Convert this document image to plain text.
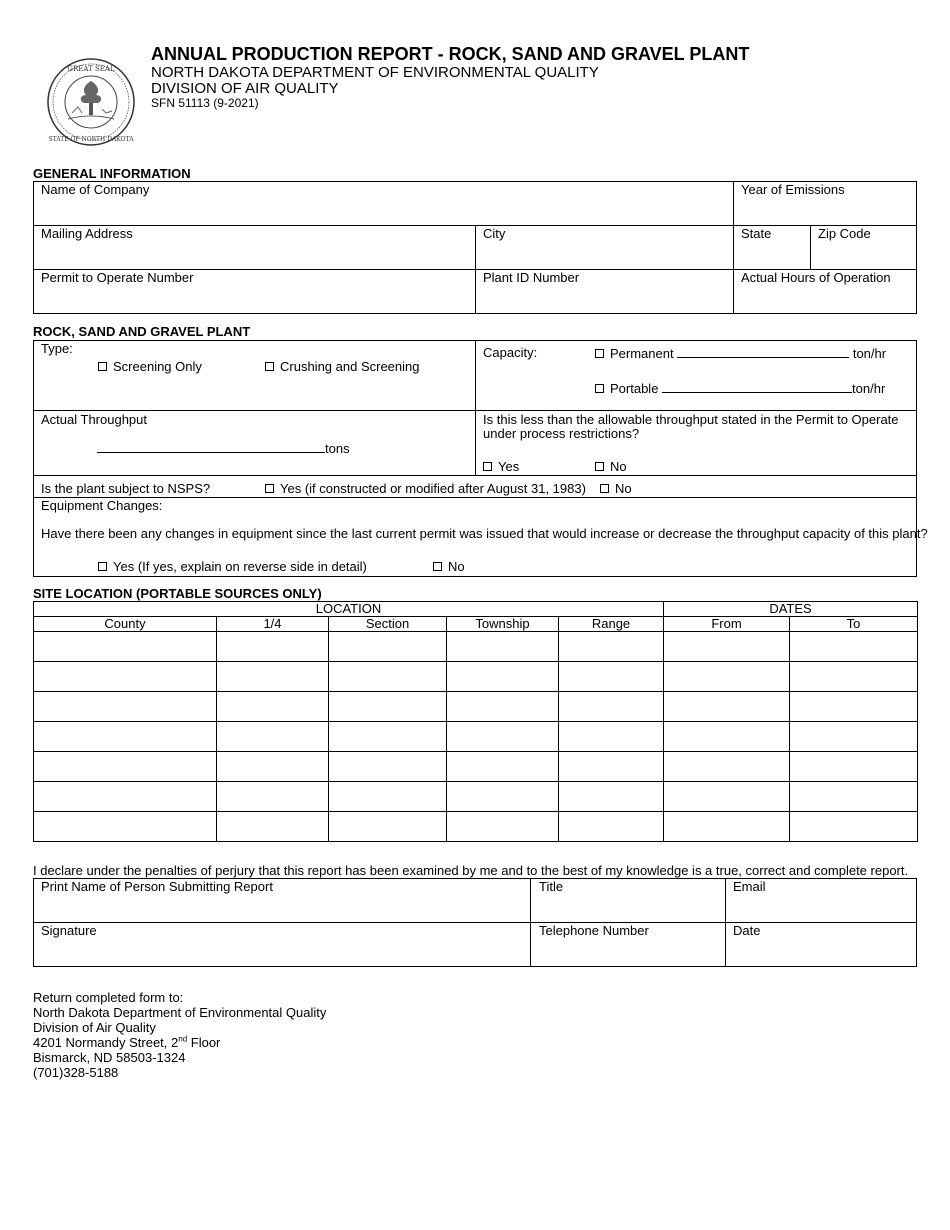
GREAT SEAL
STATE OF NORTH DAKOTA
ANNUAL PRODUCTION REPORT - ROCK, SAND AND GRAVEL PLANT
NORTH DAKOTA DEPARTMENT OF ENVIRONMENTAL QUALITY
DIVISION OF AIR QUALITY
SFN 51113 (9-2021)
GENERAL INFORMATION
Name of Company	Year of Emissions
Mailing Address	City	State	Zip Code
Permit to Operate Number	Plant ID Number	Actual Hours of Operation
ROCK, SAND AND GRAVEL PLANT
Type:
Screening Only	Crushing and Screening
Capacity:	Permanent	ton/hr
Portable	ton/hr
Actual Throughput
tons
Is this less than the allowable throughput stated in the Permit to Operate
under process restrictions?
Yes	No
Is the plant subject to NSPS?	Yes (if constructed or modified after August 31, 1983)	No
Equipment Changes:
Have there been any changes in equipment since the last current permit was issued that would increase or decrease the throughput capacity of this plant?
Yes (If yes, explain on reverse side in detail)	No
SITE LOCATION (PORTABLE SOURCES ONLY)
LOCATION					DATES	
County	1/4	Section	Township	Range	From	To

I declare under the penalties of perjury that this report has been examined by me and to the best of my knowledge is a true, correct and complete report.
Print Name of Person Submitting Report	Title	Email
Signature	Telephone Number	Date
Return completed form to:
North Dakota Department of Environmental Quality
Division of Air Quality
4201 Normandy Street, 2nd Floor
Bismarck, ND 58503-1324
(701)328-5188
